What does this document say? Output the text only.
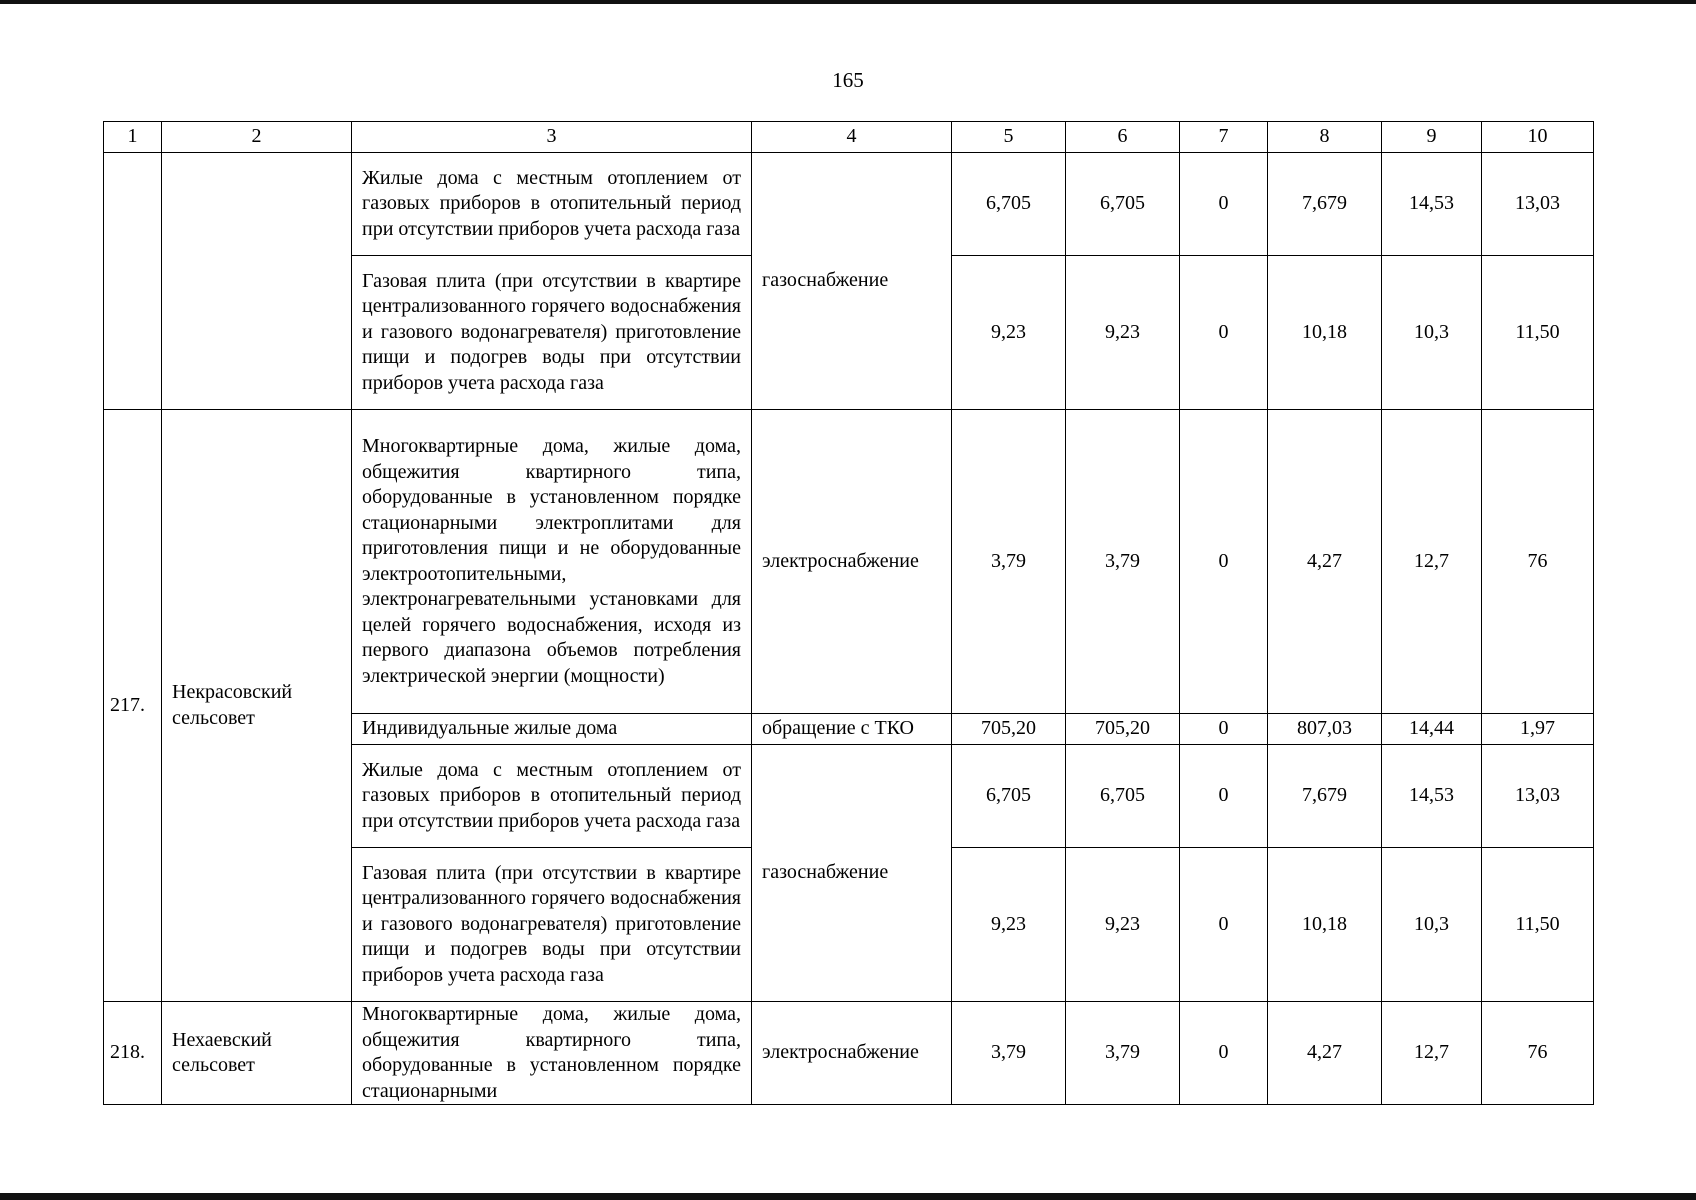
165
1	2	3	4	5	6	7	8	9	10
		Жилые дома с местным отоплением от газовых приборов в отопительный период при отсутствии приборов учета расхода газа	газоснабжение	6,705	6,705	0	7,679	14,53	13,03
		Газовая плита (при отсутствии в квартире централизованного горячего водоснабжения и газового водонагревателя) приготовление пищи и подогрев воды при отсутствии приборов учета расхода газа		9,23	9,23	0	10,18	10,3	11,50
217.	Некрасовский сельсовет	Многоквартирные дома, жилые дома, общежития квартирного типа, оборудованные в установленном порядке стационарными электроплитами для приготовления пищи и не оборудованные электроотопительными, электронагревательными установками для целей горячего водоснабжения, исходя из первого диапазона объемов потребления электрической энергии (мощности)	электроснабжение	3,79	3,79	0	4,27	12,7	76
		Индивидуальные жилые дома	обращение с ТКО	705,20	705,20	0	807,03	14,44	1,97
		Жилые дома с местным отоплением от газовых приборов в отопительный период при отсутствии приборов учета расхода газа	газоснабжение	6,705	6,705	0	7,679	14,53	13,03
		Газовая плита (при отсутствии в квартире централизованного горячего водоснабжения и газового водонагревателя) приготовление пищи и подогрев воды при отсутствии приборов учета расхода газа		9,23	9,23	0	10,18	10,3	11,50
218.	Нехаевский сельсовет	Многоквартирные дома, жилые дома, общежития квартирного типа, оборудованные в установленном порядке стационарными	электроснабжение	3,79	3,79	0	4,27	12,7	76
